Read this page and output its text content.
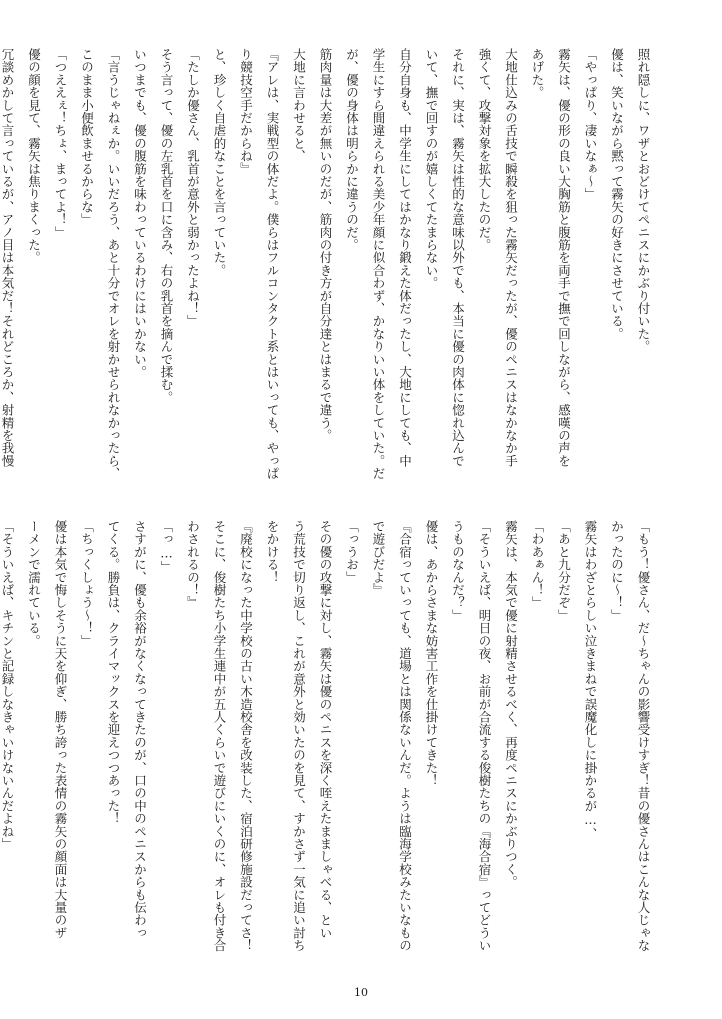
照れ隠しに、ワザとおどけてペニスにかぶり付いた。
優は、笑いながら黙って霧矢の好きにさせている。
「やっぱり、凄いなぁ〜」
霧矢は、優の形の良い大胸筋と腹筋を両手で撫で回しながら、感嘆の声を
あげた。
大地仕込みの舌技で瞬殺を狙った霧矢だったが、優のペニスはなかなか手
強くて、攻撃対象を拡大したのだ。
それに、実は、霧矢は性的な意味以外でも、本当に優の肉体に惚れ込んで
いて、撫で回すのが嬉しくてたまらない。
自分自身も、中学生にしてはかなり鍛えた体だったし、大地にしても、中
学生にすら間違えられる美少年顔に似合わず、かなりいい体をしていた。だ
が、優の身体は明らかに違うのだ。
筋肉量は大差が無いのだが、筋肉の付き方が自分達とはまるで違う。
大地に言わせると、
『アレは、実戦型の体だよ。僕らはフルコンタクト系とはいっても、やっぱ
り競技空手だからね』
と、珍しく自虐的なことを言っていた。
「たしか優さん、乳首が意外と弱かったよね！」
そう言って、優の左乳首を口に含み、右の乳首を摘んで揉む。
いつまでも、優の腹筋を味わっているわけにはいかない。
「言うじゃねぇか。いいだろう、あと十分でオレを射かせられなかったら、
このまま小便飲ませるからな」
「つええぇ！ちょ、まってよ！」
優の顔を見て、霧矢は焦りまくった。
冗談めかして言っているが、アノ目は本気だ！それどころか、射精を我慢
「もう！優さん、だ〜ちゃんの影響受けすぎ！昔の優さんはこんな人じゃな
かったのに〜！」
霧矢はわざとらしい泣きまねで誤魔化しに掛かるが…、
「あと九分だぞ」
「わあぁん！」
霧矢は、本気で優に射精させるべく、再度ペニスにかぶりつく。
「そういえば、明日の夜、お前が合流する俊樹たちの『海合宿』ってどうい
うものなんだ？」
優は、あからさまな妨害工作を仕掛けてきた！
『合宿っていっても、道場とは関係ないんだ。ようは臨海学校みたいなもの
で遊びだよ』
「っうお」
その優の攻撃に対し、霧矢は優のペニスを深く咥えたまましゃべる、とい
う荒技で切り返し、これが意外と効いたのを見て、すかさず一気に追い討ち
をかける！
『廃校になった中学校の古い木造校舎を改装した、宿泊研修施設だってさ！
そこに、俊樹たち小学生連中が五人くらいで遊びにいくのに、オレも付き合
わされるの！』
「っ…」
さすがに、優も余裕がなくなってきたのが、口の中のペニスからも伝わっ
てくる。勝負は、クライマックスを迎えつつあった！
「ちっくしょう〜！」
優は本気で悔しそうに天を仰ぎ、勝ち誇った表情の霧矢の顔面は大量のザ
ーメンで濡れている。
「そういえば、キチンと記録しなきゃいけないんだよね」
10
